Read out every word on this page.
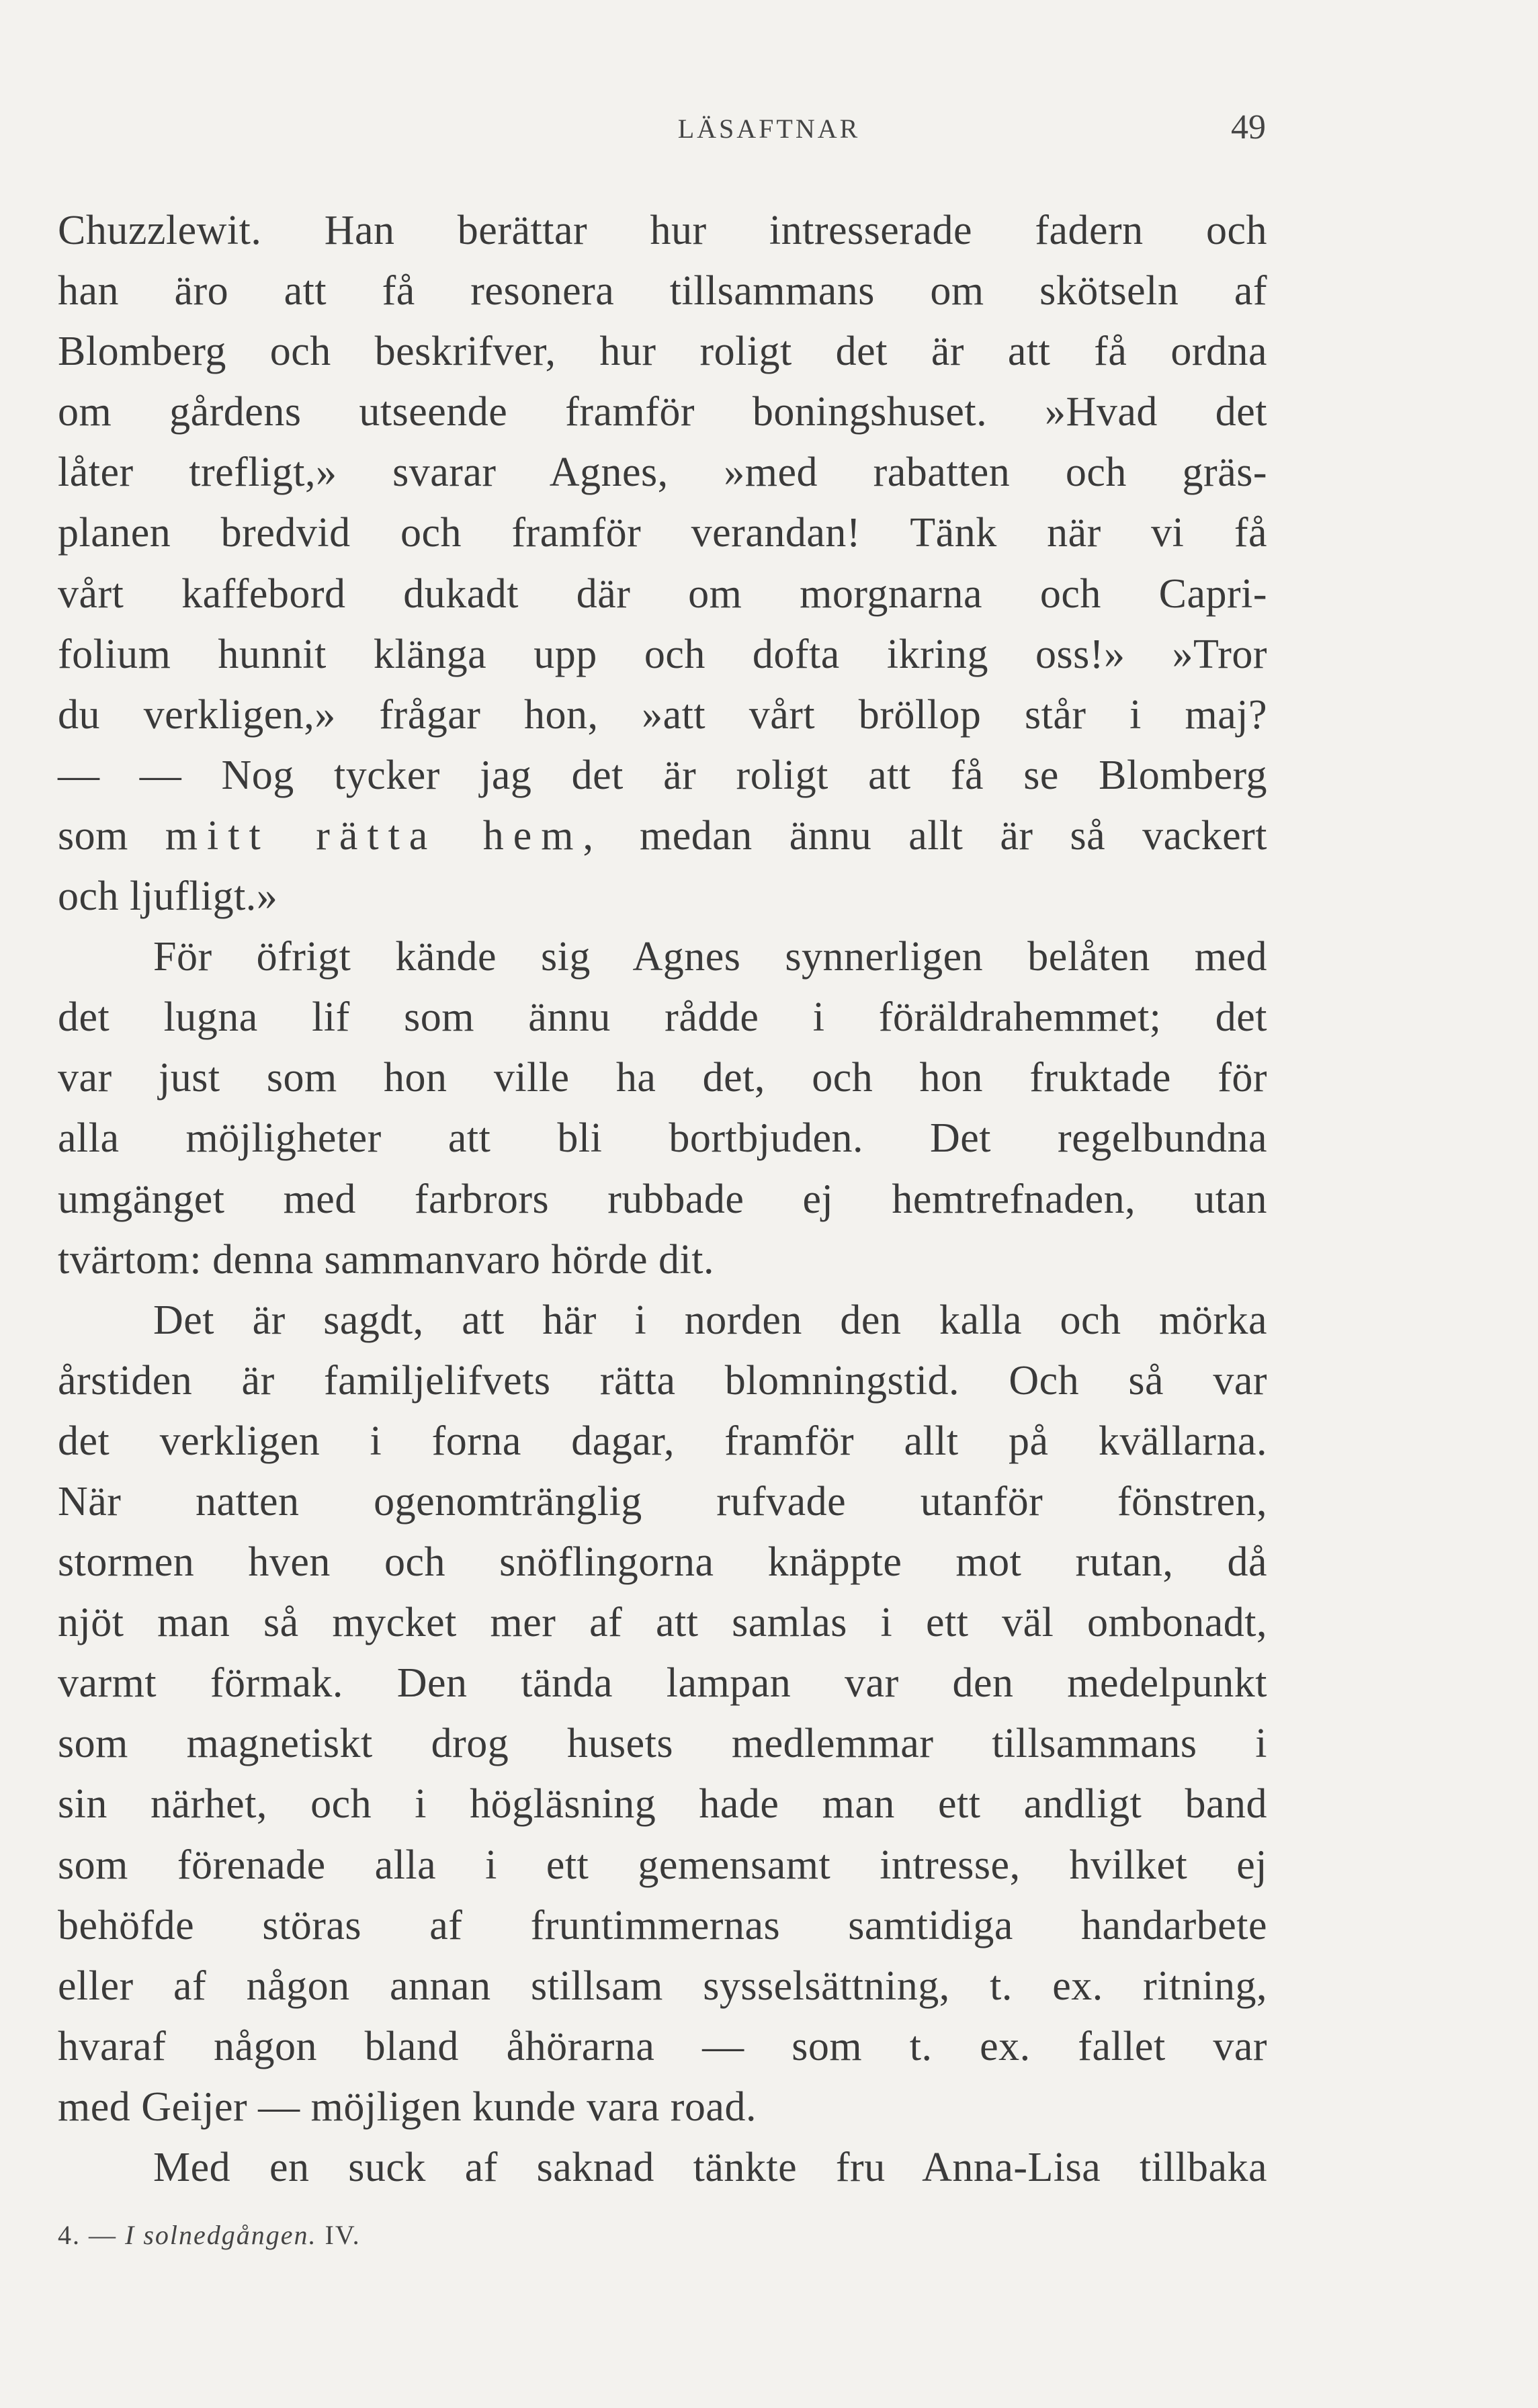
LÄSAFTNAR	49
Chuzzlewit. Han berättar hur intresserade fadern och
han äro att få resonera tillsammans om skötseln af
Blomberg och beskrifver, hur roligt det är att få ordna
om gårdens utseende framför boningshuset. »Hvad det
låter trefligt,» svarar Agnes, »med rabatten och gräs-
planen bredvid och framför verandan! Tänk när vi få
vårt kaffebord dukadt där om morgnarna och Capri-
folium hunnit klänga upp och dofta ikring oss!» »Tror
du verkligen,» frågar hon, »att vårt bröllop står i maj?
— — Nog tycker jag det är roligt att få se Blomberg
som mitt rätta hem, medan ännu allt är så vackert
och ljufligt.»
För öfrigt kände sig Agnes synnerligen belåten med
det lugna lif som ännu rådde i föräldrahemmet; det
var just som hon ville ha det, och hon fruktade för
alla möjligheter att bli bortbjuden. Det regelbundna
umgänget med farbrors rubbade ej hemtrefnaden, utan
tvärtom: denna sammanvaro hörde dit.
Det är sagdt, att här i norden den kalla och mörka
årstiden är familjelifvets rätta blomningstid. Och så var
det verkligen i forna dagar, framför allt på kvällarna.
När natten ogenomtränglig rufvade utanför fönstren,
stormen hven och snöflingorna knäppte mot rutan, då
njöt man så mycket mer af att samlas i ett väl ombonadt,
varmt förmak. Den tända lampan var den medelpunkt
som magnetiskt drog husets medlemmar tillsammans i
sin närhet, och i högläsning hade man ett andligt band
som förenade alla i ett gemensamt intresse, hvilket ej
behöfde störas af fruntimmernas samtidiga handarbete
eller af någon annan stillsam sysselsättning, t. ex. ritning,
hvaraf någon bland åhörarna — som t. ex. fallet var
med Geijer — möjligen kunde vara road.
Med en suck af saknad tänkte fru Anna-Lisa tillbaka
4. — I solnedgången. IV.
